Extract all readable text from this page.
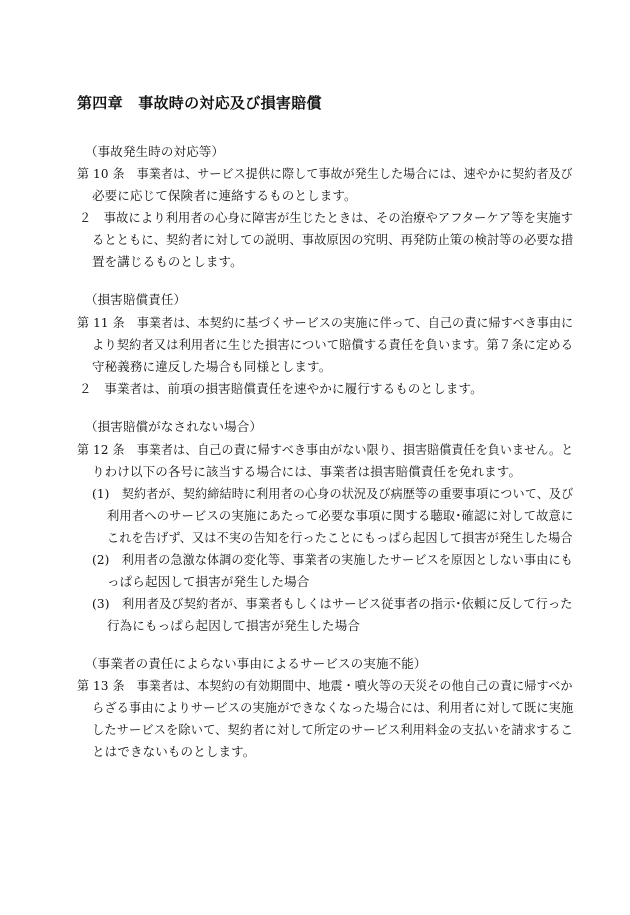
第四章　事故時の対応及び損害賠償
（事故発生時の対応等）
第 10 条　事業者は、サービス提供に際して事故が発生した場合には、速やかに契約者及び
必要に応じて保険者に連絡するものとします。
２　事故により利用者の心身に障害が生じたときは、その治療やアフターケア等を実施す
るとともに、契約者に対しての説明、事故原因の究明、再発防止策の検討等の必要な措
置を講じるものとします。
（損害賠償責任）
第 11 条　事業者は、本契約に基づくサービスの実施に伴って、自己の責に帰すべき事由に
より契約者又は利用者に生じた損害について賠償する責任を負います。第７条に定める
守秘義務に違反した場合も同様とします。
２　事業者は、前項の損害賠償責任を速やかに履行するものとします。
（損害賠償がなされない場合）
第 12 条　事業者は、自己の責に帰すべき事由がない限り、損害賠償責任を負いません。と
りわけ以下の各号に該当する場合には、事業者は損害賠償責任を免れます。
(1)　契約者が、契約締結時に利用者の心身の状況及び病歴等の重要事項について、及び
利用者へのサービスの実施にあたって必要な事項に関する聴取･確認に対して故意に
これを告げず、又は不実の告知を行ったことにもっぱら起因して損害が発生した場合
(2)　利用者の急激な体調の変化等、事業者の実施したサービスを原因としない事由にも
っぱら起因して損害が発生した場合
(3)　利用者及び契約者が、事業者もしくはサービス従事者の指示･依頼に反して行った
行為にもっぱら起因して損害が発生した場合
（事業者の責任によらない事由によるサービスの実施不能）
第 13 条　事業者は、本契約の有効期間中、地震・噴火等の天災その他自己の責に帰すべか
らざる事由によりサービスの実施ができなくなった場合には、利用者に対して既に実施
したサービスを除いて、契約者に対して所定のサービス利用料金の支払いを請求するこ
とはできないものとします。
